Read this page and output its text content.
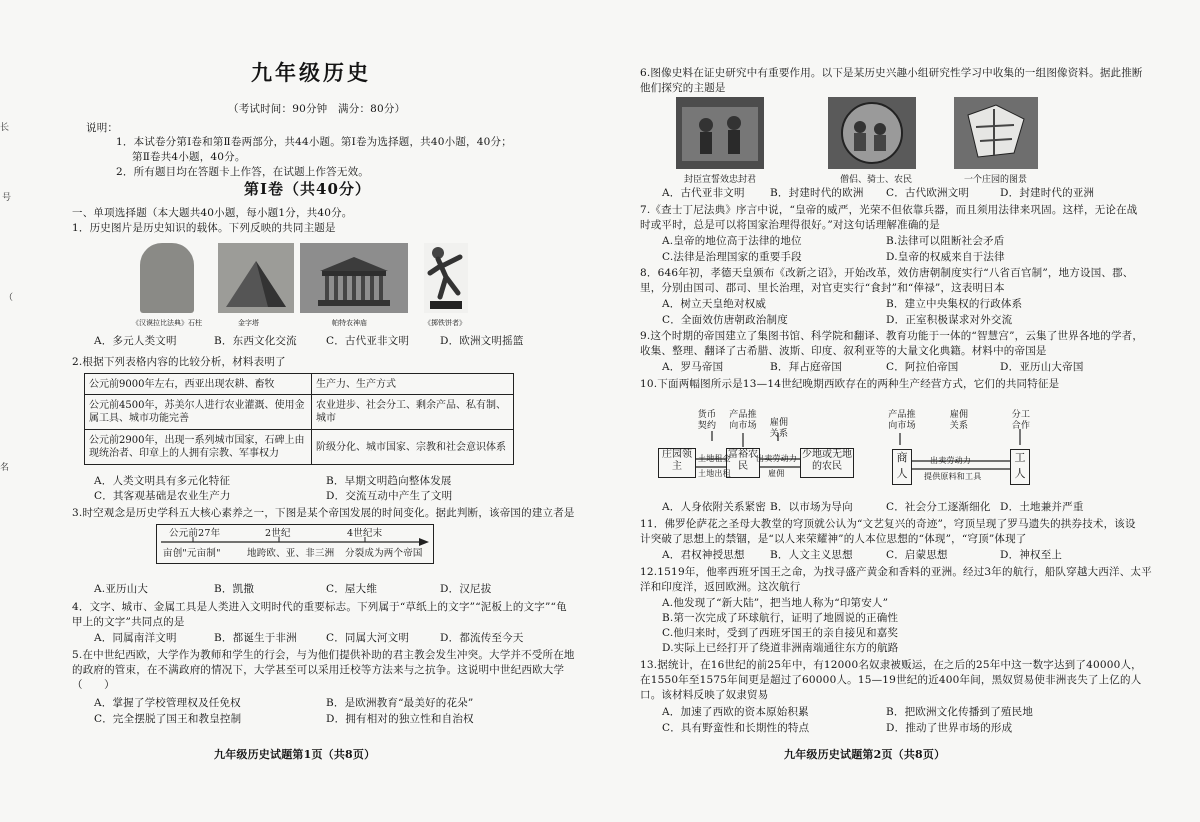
长
号
（
名
九年级历史
（考试时间：90分钟　满分：80分）
说明：
1．本试卷分第Ⅰ卷和第Ⅱ卷两部分，共44小题。第Ⅰ卷为选择题，共40小题，40分；
第Ⅱ卷共4小题，40分。
2．所有题目均在答题卡上作答，在试题上作答无效。
第Ⅰ卷（共40分）
一、单项选择题（本大题共40小题，每小题1分，共40分。
1．历史图片是历史知识的载体。下列反映的共同主题是
《汉谟拉比法典》石柱	金字塔	帕特农神庙	《掷铁饼者》
A．多元人类文明	B．东西文化交流	C．古代亚非文明	D．欧洲文明摇篮
2.根据下列表格内容的比较分析，材料表明了
公元前9000年左右，西亚出现农耕、畜牧	生产力、生产方式
公元前4500年，苏美尔人进行农业灌溉、使用金属工具、城市功能完善	农业进步、社会分工、剩余产品、私有制、城市
公元前2900年，出现一系列城市国家，石碑上由现统治者、印章上的人拥有宗教、军事权力	阶级分化、城市国家、宗教和社会意识体系
A．人类文明具有多元化特征	B．早期文明趋向整体发展
C．其客观基础是农业生产力	D．交流互动中产生了文明
3.时空观念是历史学科五大核心素养之一，下图是某个帝国发展的时间变化。据此判断，该帝国的建立者是
公元前27年	2世纪	4世纪末
亩创"元亩制"	地跨欧、亚、非三洲 分裂成为两个帝国
A.亚历山大	B．凯撒	C．屋大维	D．汉尼拔
4．文字、城市、金属工具是人类进入文明时代的重要标志。下列属于“草纸上的文字”“泥板上的文字”“龟
甲上的文字”共同点的是
A．同属南洋文明	B．都诞生于非洲	C．同属大河文明	D．都流传至今天
5.在中世纪西欧，大学作为教师和学生的行会，与为他们提供补助的君主教会发生冲突。大学并不受所在地
的政府的管束，在不满政府的情况下，大学甚至可以采用迁校等方法来与之抗争。这说明中世纪西欧大学
（　　）
A．掌握了学校管理权及任免权	B．是欧洲教育“最美好的花朵”
C．完全摆脱了国王和教皇控制	D．拥有相对的独立性和自治权
九年级历史试题第1页（共8页）
6.图像史料在证史研究中有重要作用。以下是某历史兴趣小组研究性学习中收集的一组图像资料。据此推断
他们探究的主题是
封臣宣誓效忠封君	僧侣、骑士、农民	一个庄园的图景
A．古代亚非文明 B．封建时代的欧洲 C．古代欧洲文明	D．封建时代的亚洲
7.《查士丁尼法典》序言中说，“皇帝的威严，光荣不但依靠兵器，而且须用法律来巩固。这样，无论在战
时或平时，总是可以将国家治理得很好。”对这句话理解准确的是
A.皇帝的地位高于法律的地位	B.法律可以阻断社会矛盾
C.法律是治理国家的重要手段	D.皇帝的权威来自于法律
8．646年初，孝德天皇颁布《改新之诏》，开始改革，效仿唐朝制度实行“八省百官制”，地方设国、郡、
里，分别由国司、郡司、里长治理，对官吏实行“食封”和“俸禄”，这表明日本
A．树立天皇绝对权威	B．建立中央集权的行政体系
C．全面效仿唐朝政治制度	D．正室积极谋求对外交流
9.这个时期的帝国建立了集图书馆、科学院和翻译、教育功能于一体的“智慧宫”，云集了世界各地的学者，
收集、整理、翻译了古希腊、波斯、印度、叙利亚等的大量文化典籍。材料中的帝国是
A．罗马帝国	B．拜占庭帝国	C．阿拉伯帝国	D．亚历山大帝国
10.下面两幅图所示是13—14世纪晚期西欧存在的两种生产经营方式，它们的共同特征是
货币契约
产品推向市场	雇佣关系
庄园领主
富裕农民
少地或无地的农民
土地租金
土地出租
出卖劳动力
雇佣
产品推向市场
雇佣关系
分工合作
商人
工人
出卖劳动力
提供原料和工具
A．人身依附关系紧密 B．以市场为导向	C．社会分工逐渐细化 D．土地兼并严重
11．佛罗伦萨花之圣母大教堂的穹顶就公认为“文艺复兴的奇迹”，穹顶呈现了罗马遗失的拱券技术，该设
计突破了思想上的禁锢，是“以人来荣耀神”的人本位思想的“体现”，“穹顶”体现了
A．君权神授思想 B．人文主义思想	C．启蒙思想	D．神权至上
12.1519年，他率西班牙国王之命，为找寻盛产黄金和香料的亚洲。经过3年的航行，船队穿越大西洋、太平
洋和印度洋，返回欧洲。这次航行
A.他发现了“新大陆”，把当地人称为“印第安人”
B.第一次完成了环球航行，证明了地圆说的正确性
C.他归来时，受到了西班牙国王的亲自接见和嘉奖
D.实际上已经打开了绕道非洲南端通往东方的航路
13.据统计，在16世纪的前25年中，有12000名奴隶被贩运，在之后的25年中这一数字达到了40000人，
在1550年至1575年间更是超过了60000人。15—19世纪的近400年间，黑奴贸易使非洲丧失了上亿的人
口。该材料反映了奴隶贸易
A．加速了西欧的资本原始积累	B．把欧洲文化传播到了殖民地
C．具有野蛮性和长期性的特点	D．推动了世界市场的形成
九年级历史试题第2页（共8页）
